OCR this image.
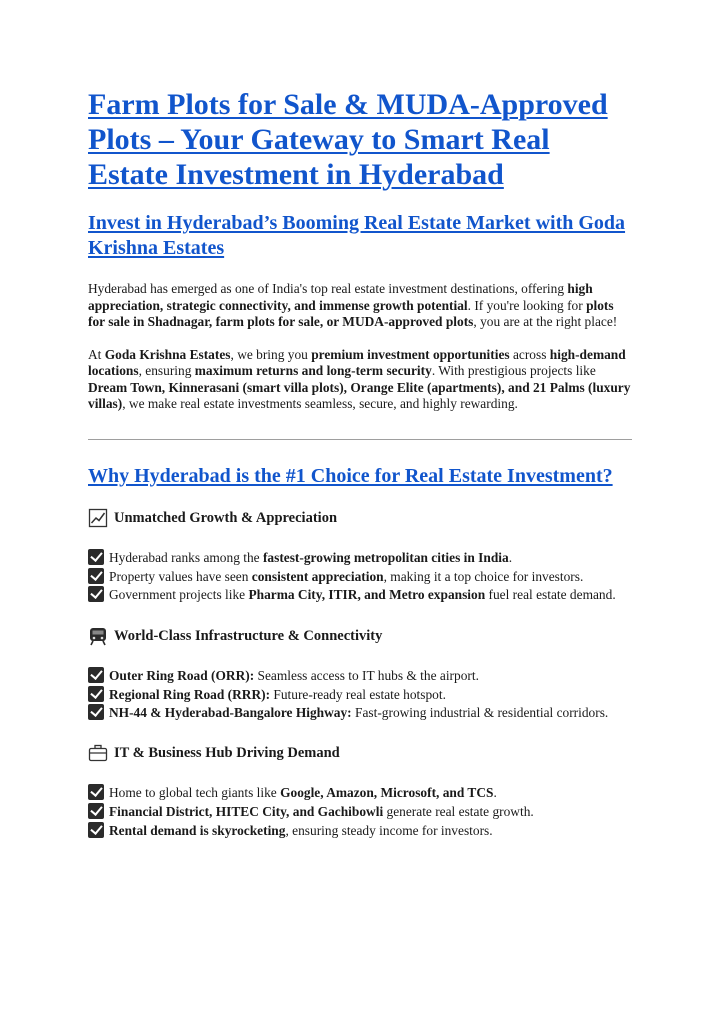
Farm Plots for Sale & MUDA-Approved Plots – Your Gateway to Smart Real Estate Investment in Hyderabad
Invest in Hyderabad’s Booming Real Estate Market with Goda Krishna Estates

Hyderabad has emerged as one of India's top real estate investment destinations, offering high appreciation, strategic connectivity, and immense growth potential. If you're looking for plots for sale in Shadnagar, farm plots for sale, or MUDA-approved plots, you are at the right place!

At Goda Krishna Estates, we bring you premium investment opportunities across high-demand locations, ensuring maximum returns and long-term security. With prestigious projects like Dream Town, Kinnerasani (smart villa plots), Orange Elite (apartments), and 21 Palms (luxury villas), we make real estate investments seamless, secure, and highly rewarding.

Why Hyderabad is the #1 Choice for Real Estate Investment?
Unmatched Growth & Appreciation
Hyderabad ranks among the fastest-growing metropolitan cities in India.
Property values have seen consistent appreciation, making it a top choice for investors.
Government projects like Pharma City, ITIR, and Metro expansion fuel real estate demand.
World-Class Infrastructure & Connectivity
Outer Ring Road (ORR): Seamless access to IT hubs & the airport.
Regional Ring Road (RRR): Future-ready real estate hotspot.
NH-44 & Hyderabad-Bangalore Highway: Fast-growing industrial & residential corridors.
IT & Business Hub Driving Demand
Home to global tech giants like Google, Amazon, Microsoft, and TCS.
Financial District, HITEC City, and Gachibowli generate real estate growth.
Rental demand is skyrocketing, ensuring steady income for investors.
